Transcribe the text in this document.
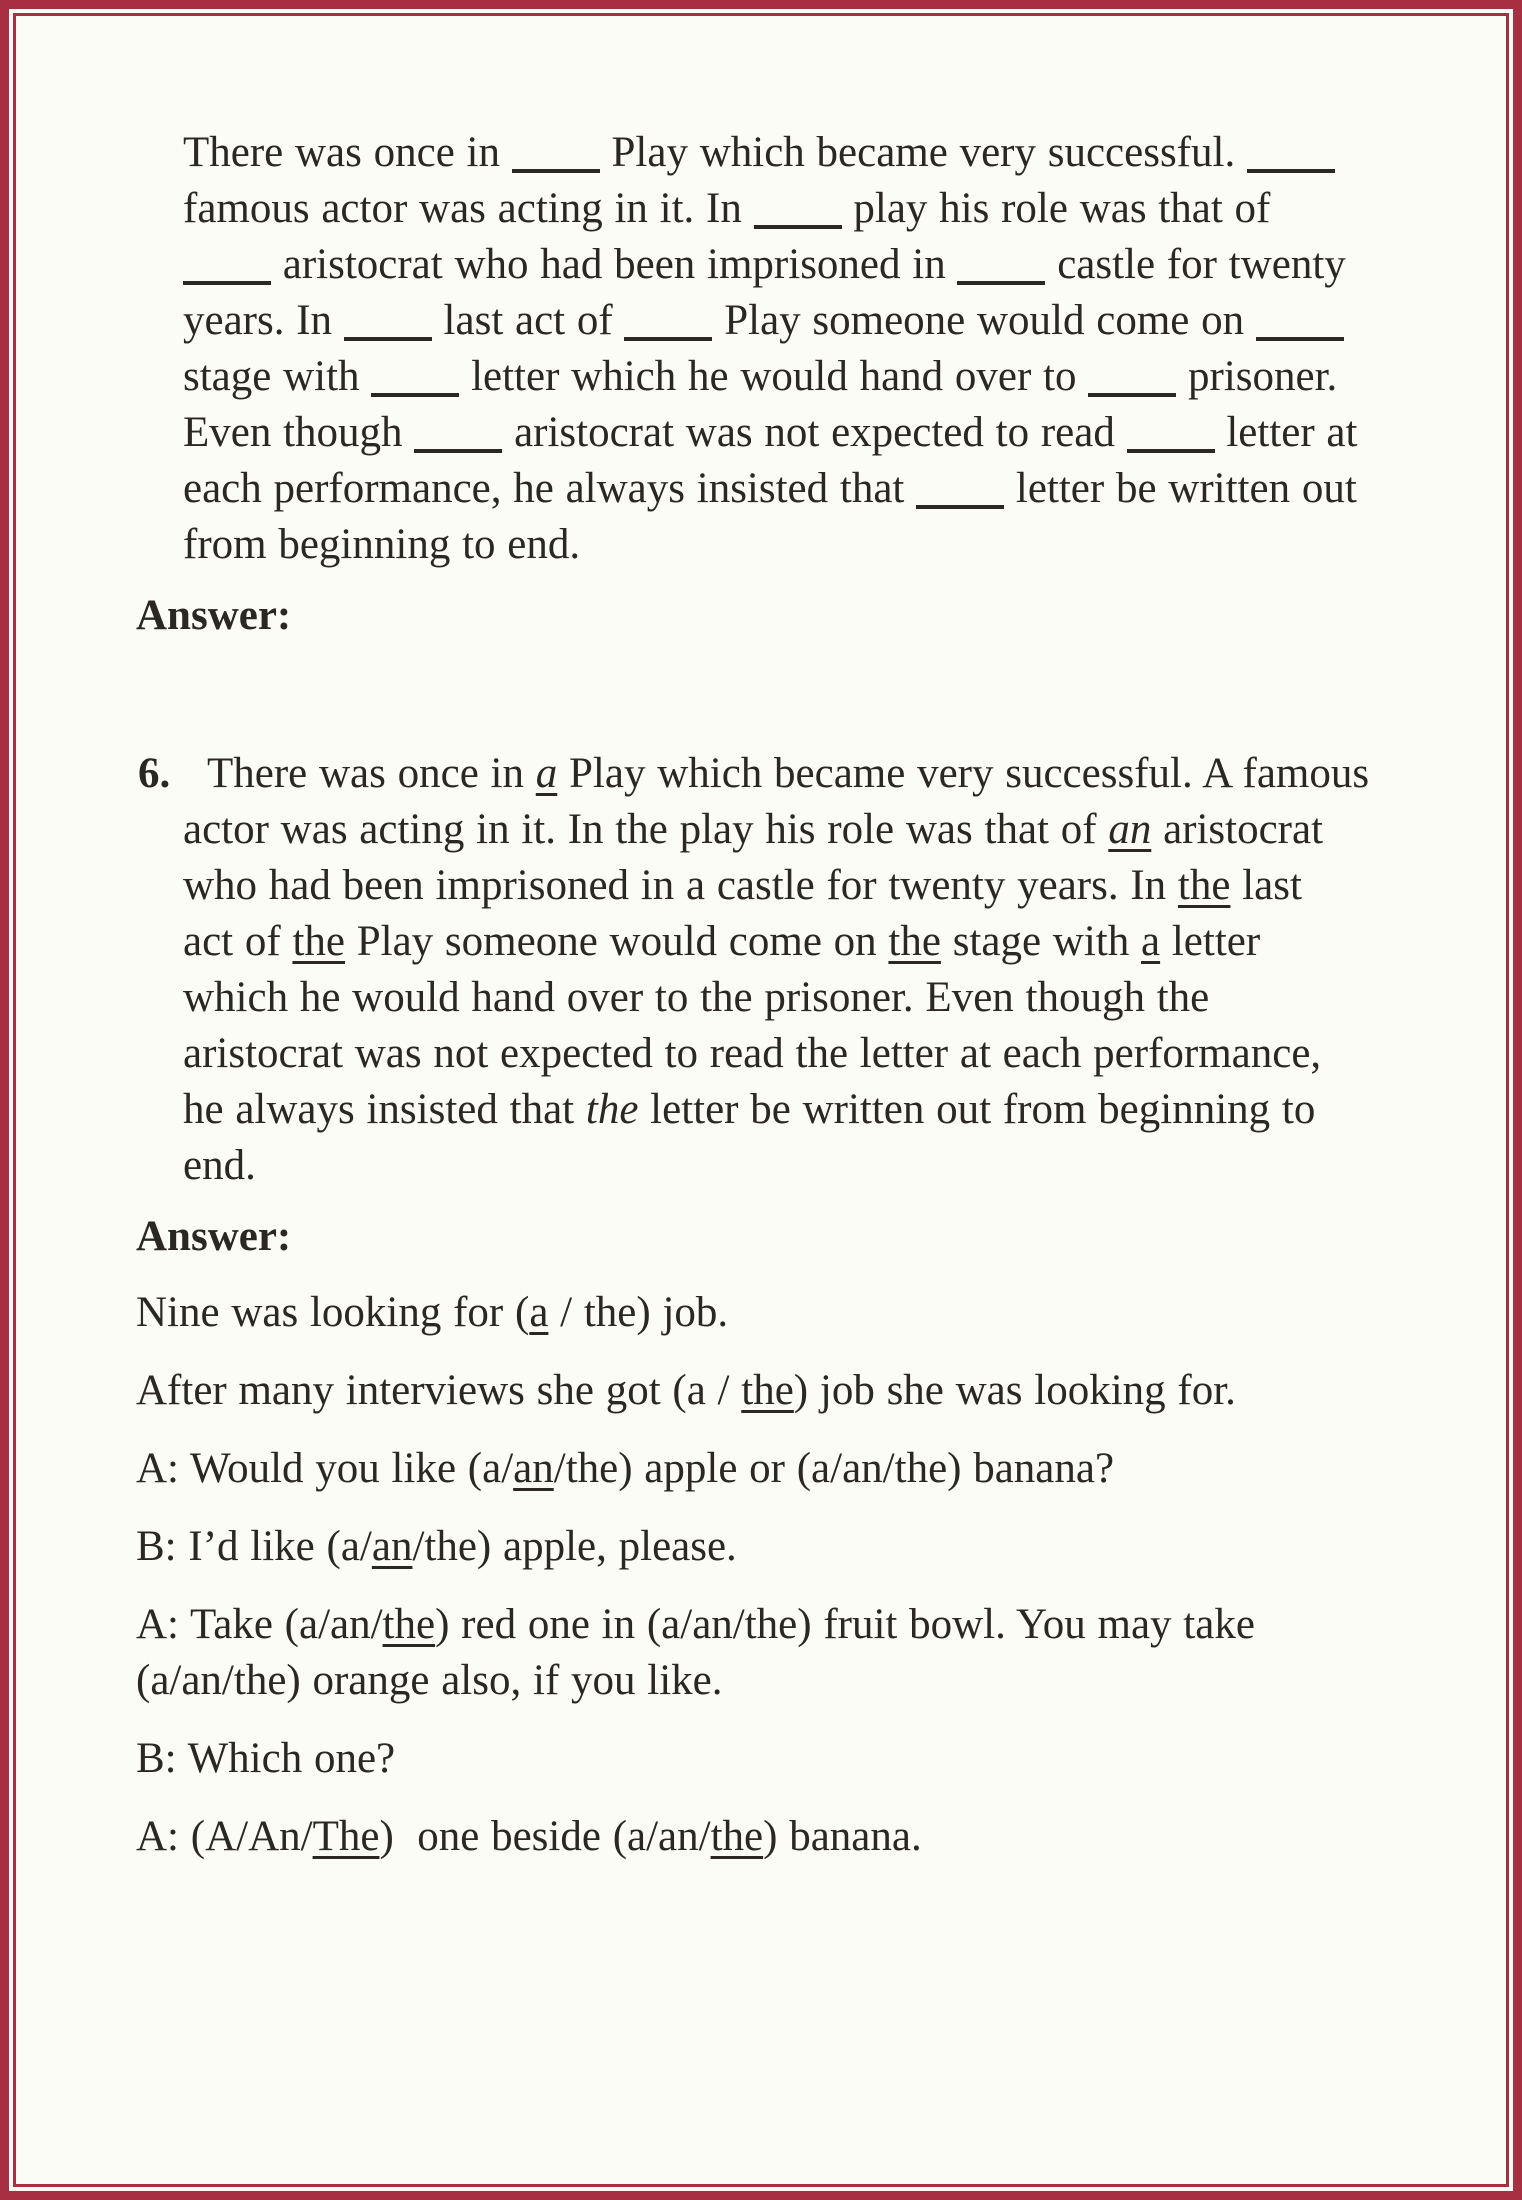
There was once in  Play which became very successful.
famous actor was acting in it. In  play his role was that of
aristocrat who had been imprisoned in  castle for twenty
years. In  last act of  Play someone would come on
stage with  letter which he would hand over to  prisoner.
Even though  aristocrat was not expected to read  letter at
each performance, he always insisted that  letter be written out
from beginning to end.

Answer:

6. There was once in a Play which became very successful. A famous
actor was acting in it. In the play his role was that of an aristocrat
who had been imprisoned in a castle for twenty years. In the last
act of the Play someone would come on the stage with a letter
which he would hand over to the prisoner. Even though the
aristocrat was not expected to read the letter at each performance,
he always insisted that the letter be written out from beginning to
end.

Answer:

Nine was looking for (a / the) job.
After many interviews she got (a / the) job she was looking for.
A: Would you like (a/an/the) apple or (a/an/the) banana?
B: I’d like (a/an/the) apple, please.
A: Take (a/an/the) red one in (a/an/the) fruit bowl. You may take
(a/an/the) orange also, if you like.
B: Which one?
A: (A/An/The)  one beside (a/an/the) banana.
